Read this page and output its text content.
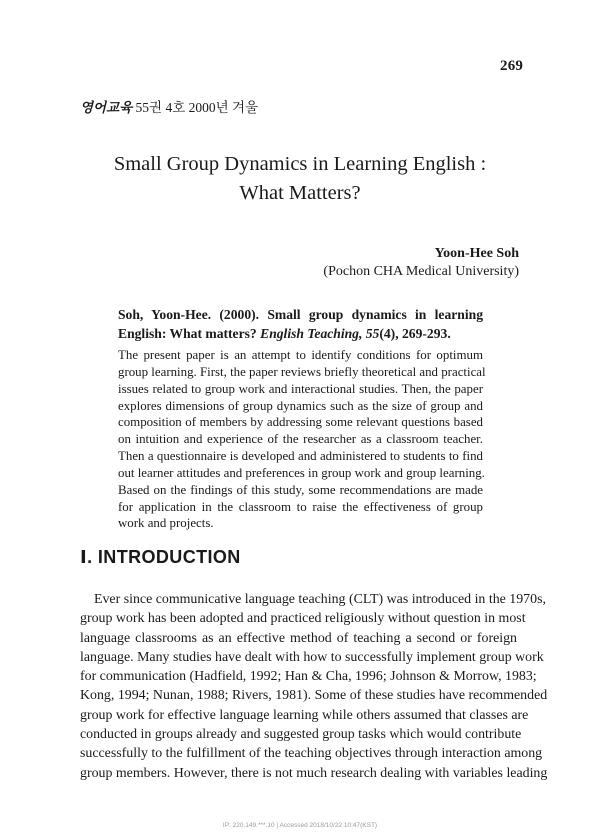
269
영어교육 55권 4호 2000년 겨울
Small Group Dynamics in Learning English :
What Matters?
Yoon-Hee Soh
(Pochon CHA Medical University)

Soh, Yoon-Hee. (2000). Small group dynamics in learning English: What matters? English Teaching, 55(4), 269-293.

The present paper is an attempt to identify conditions for optimum
group learning. First, the paper reviews briefly theoretical and practical
issues related to group work and interactional studies. Then, the paper
explores dimensions of group dynamics such as the size of group and
composition of members by addressing some relevant questions based
on intuition and experience of the researcher as a classroom teacher.
Then a questionnaire is developed and administered to students to find
out learner attitudes and preferences in group work and group learning.
Based on the findings of this study, some recommendations are made
for application in the classroom to raise the effectiveness of group
work and projects.
Ⅰ. INTRODUCTION
Ever since communicative language teaching (CLT) was introduced in the 1970s,
group work has been adopted and practiced religiously without question in most
language classrooms as an effective method of teaching a second or foreign
language. Many studies have dealt with how to successfully implement group work
for communication (Hadfield, 1992; Han & Cha, 1996; Johnson & Morrow, 1983;
Kong, 1994; Nunan, 1988; Rivers, 1981). Some of these studies have recommended
group work for effective language learning while others assumed that classes are
conducted in groups already and suggested group tasks which would contribute
successfully to the fulfillment of the teaching objectives through interaction among
group members. However, there is not much research dealing with variables leading
IP: 220.149.***.10 | Accessed 2018/10/22 10:47(KST)
